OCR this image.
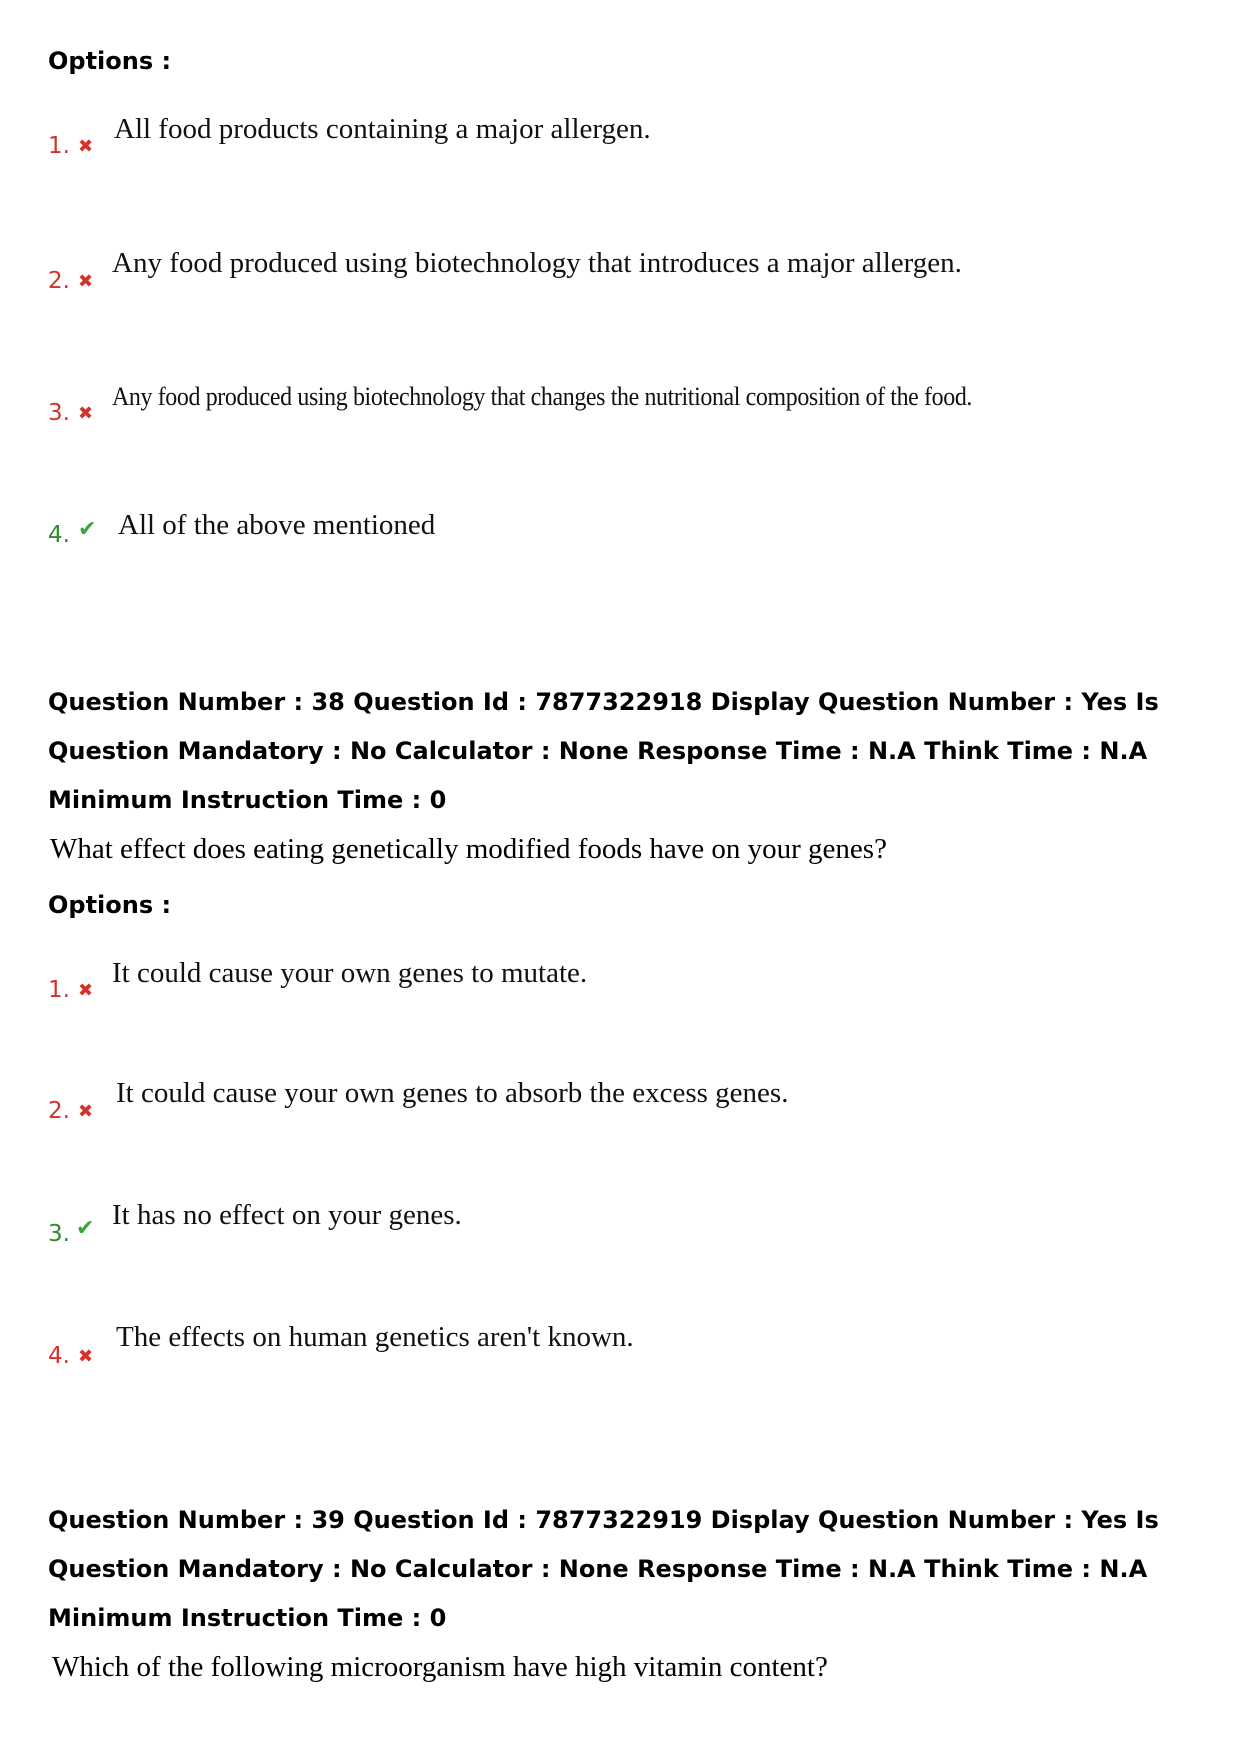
Options :
1. ✖
All food products containing a major allergen.
2. ✖
Any food produced using biotechnology that introduces a major allergen.
3. ✖
Any food produced using biotechnology that changes the nutritional composition of the food.
4. ✔ All of the above mentioned
Question Number : 38 Question Id : 7877322918 Display Question Number : Yes Is Question Mandatory : No Calculator : None Response Time : N.A Think Time : N.A Minimum Instruction Time : 0
What effect does eating genetically modified foods have on your genes?
Options :
1. ✖
It could cause your own genes to mutate.
2. ✖
It could cause your own genes to absorb the excess genes.
3. ✔ It has no effect on your genes.
4. ✖
The effects on human genetics aren't known.
Question Number : 39 Question Id : 7877322919 Display Question Number : Yes Is Question Mandatory : No Calculator : None Response Time : N.A Think Time : N.A Minimum Instruction Time : 0
Which of the following microorganism have high vitamin content?
